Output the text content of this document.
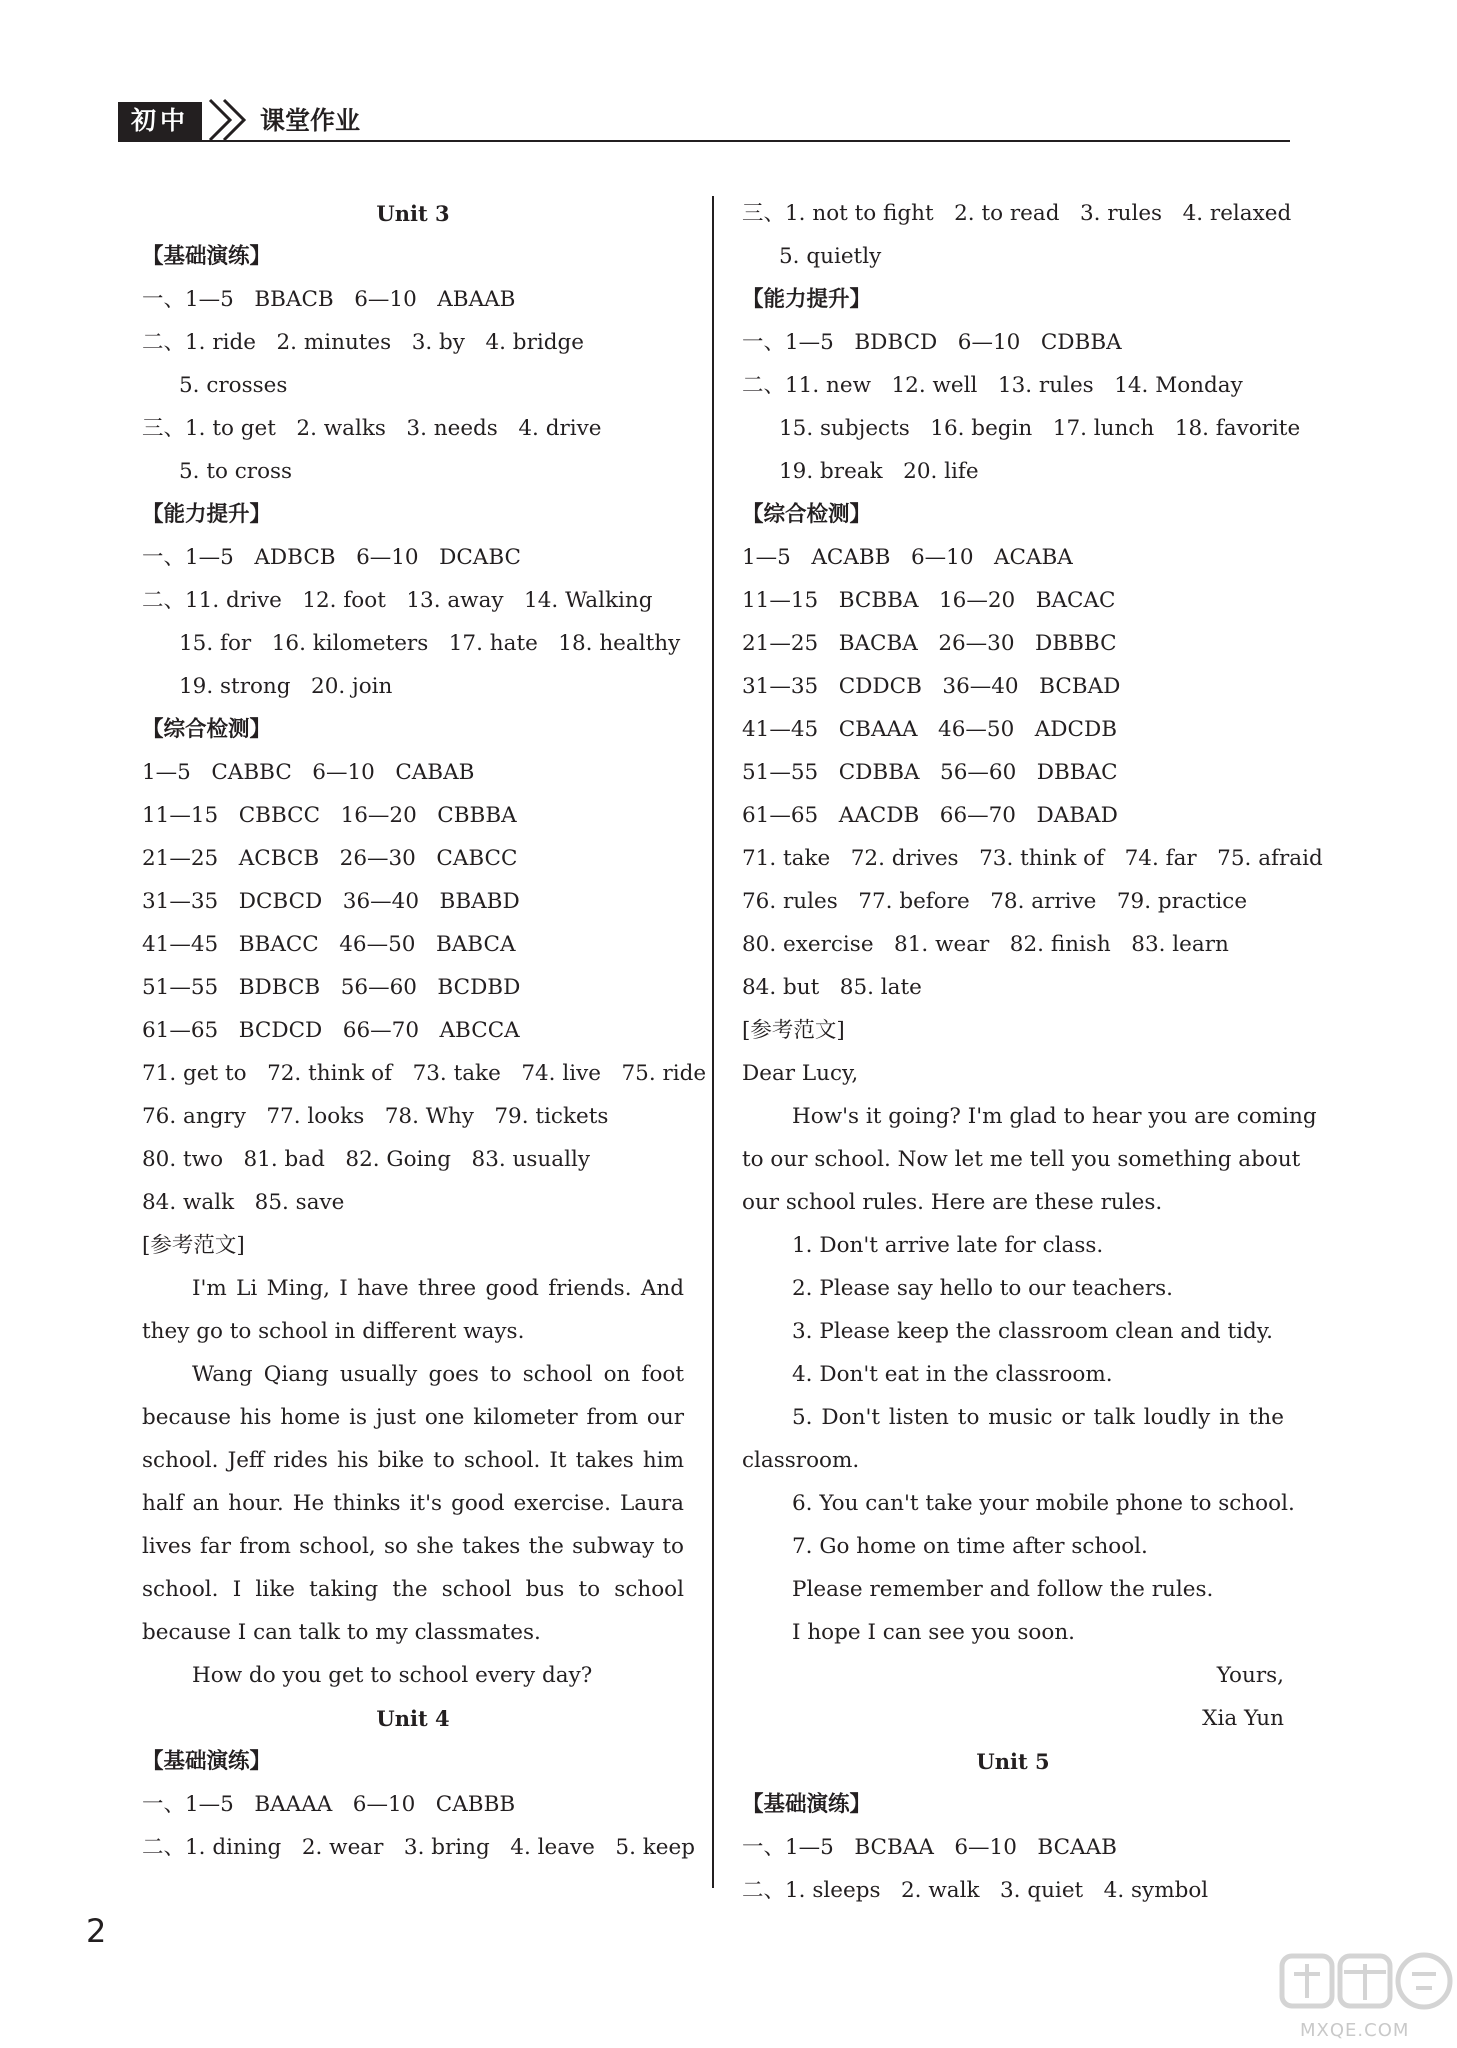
初中	课堂作业
Unit 3
【基础演练】
一、1—5   BBACB   6—10   ABAAB
二、1. ride   2. minutes   3. by   4. bridge
5. crosses
三、1. to get   2. walks   3. needs   4. drive
5. to cross
【能力提升】
一、1—5   ADBCB   6—10   DCABC
二、11. drive   12. foot   13. away   14. Walking
15. for   16. kilometers   17. hate   18. healthy
19. strong   20. join
【综合检测】
1—5   CABBC   6—10   CABAB
11—15   CBBCC   16—20   CBBBA
21—25   ACBCB   26—30   CABCC
31—35   DCBCD   36—40   BBABD
41—45   BBACC   46—50   BABCA
51—55   BDBCB   56—60   BCDBD
61—65   BCDCD   66—70   ABCCA
71. get to   72. think of   73. take   74. live   75. ride
76. angry   77. looks   78. Why   79. tickets
80. two   81. bad   82. Going   83. usually
84. walk   85. save
[参考范文]
I'm Li Ming, I have three good friends. And
they go to school in different ways.
Wang Qiang usually goes to school on foot
because his home is just one kilometer from our
school. Jeff rides his bike to school. It takes him
half an hour. He thinks it's good exercise. Laura
lives far from school, so she takes the subway to
school. I like taking the school bus to school
because I can talk to my classmates.
How do you get to school every day?
Unit 4
【基础演练】
一、1—5   BAAAA   6—10   CABBB
二、1. dining   2. wear   3. bring   4. leave   5. keep
三、1. not to fight   2. to read   3. rules   4. relaxed
5. quietly
【能力提升】
一、1—5   BDBCD   6—10   CDBBA
二、11. new   12. well   13. rules   14. Monday
15. subjects   16. begin   17. lunch   18. favorite
19. break   20. life
【综合检测】
1—5   ACABB   6—10   ACABA
11—15   BCBBA   16—20   BACAC
21—25   BACBA   26—30   DBBBC
31—35   CDDCB   36—40   BCBAD
41—45   CBAAA   46—50   ADCDB
51—55   CDBBA   56—60   DBBAC
61—65   AACDB   66—70   DABAD
71. take   72. drives   73. think of   74. far   75. afraid
76. rules   77. before   78. arrive   79. practice
80. exercise   81. wear   82. finish   83. learn
84. but   85. late
[参考范文]
Dear Lucy,
How's it going? I'm glad to hear you are coming
to our school. Now let me tell you something about
our school rules. Here are these rules.
1. Don't arrive late for class.
2. Please say hello to our teachers.
3. Please keep the classroom clean and tidy.
4. Don't eat in the classroom.
5. Don't listen to music or talk loudly in the
classroom.
6. You can't take your mobile phone to school.
7. Go home on time after school.
Please remember and follow the rules.
I hope I can see you soon.
Yours,
Xia Yun
Unit 5
【基础演练】
一、1—5   BCBAA   6—10   BCAAB
二、1. sleeps   2. walk   3. quiet   4. symbol
2
MXQE.COM
